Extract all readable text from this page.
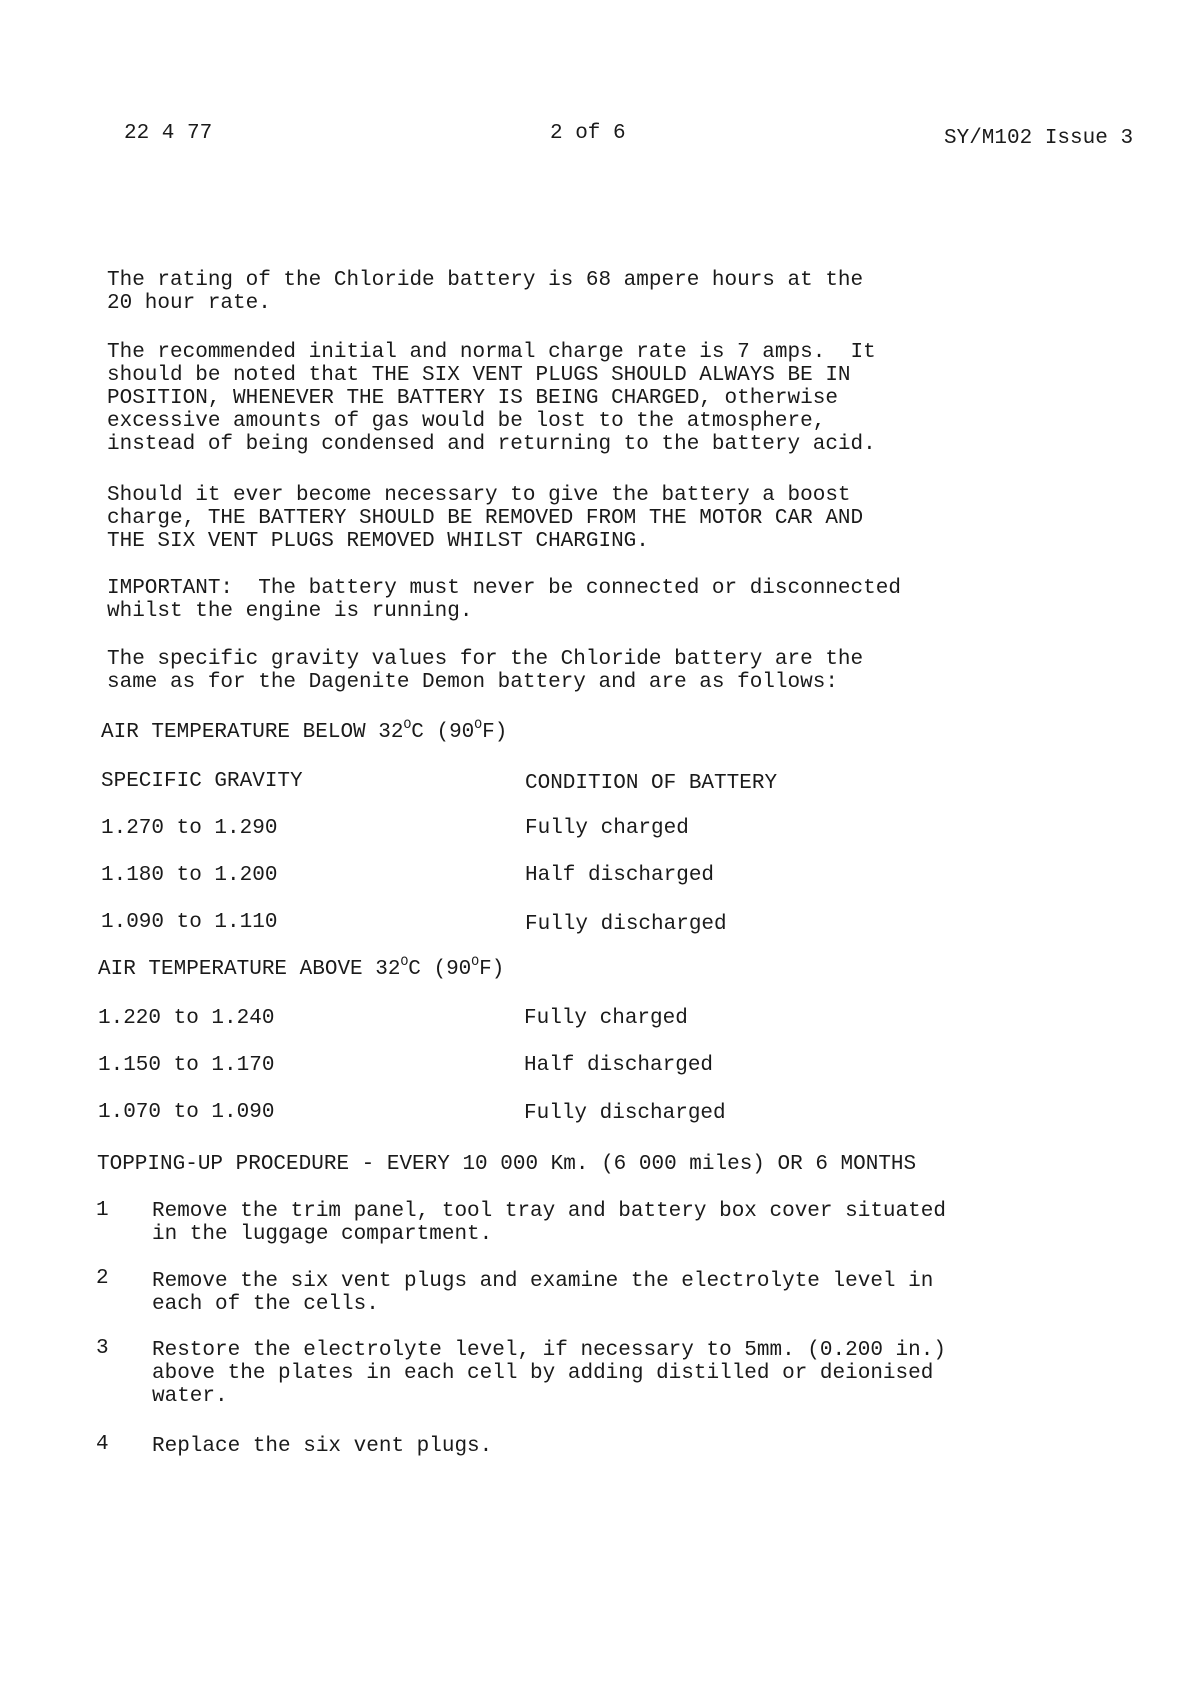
22 4 77	2 of 6	SY/M102 Issue 3
The rating of the Chloride battery is 68 ampere hours at the
20 hour rate.
The recommended initial and normal charge rate is 7 amps.  It
should be noted that THE SIX VENT PLUGS SHOULD ALWAYS BE IN
POSITION, WHENEVER THE BATTERY IS BEING CHARGED, otherwise
excessive amounts of gas would be lost to the atmosphere,
instead of being condensed and returning to the battery acid.
Should it ever become necessary to give the battery a boost
charge, THE BATTERY SHOULD BE REMOVED FROM THE MOTOR CAR AND
THE SIX VENT PLUGS REMOVED WHILST CHARGING.
IMPORTANT:  The battery must never be connected or disconnected
whilst the engine is running.
The specific gravity values for the Chloride battery are the
same as for the Dagenite Demon battery and are as follows:
AIR TEMPERATURE BELOW $32^OC$ $(90^OF)$
SPECIFIC GRAVITY	CONDITION OF BATTERY
1.270 to 1.290	Fully charged
1.180 to 1.200	Half discharged
1.090 to 1.110	Fully discharged
AIR TEMPERATURE ABOVE $32^OC$ $(90^OF)$
1.220 to 1.240	Fully charged
1.150 to 1.170	Half discharged
1.070 to 1.090	Fully discharged
TOPPING-UP PROCEDURE - EVERY 10 000 Km. (6 000 miles) OR 6 MONTHS
1 Remove the trim panel, tool tray and battery box cover situated
in the luggage compartment.
2 Remove the six vent plugs and examine the electrolyte level in
each of the cells.
3 Restore the electrolyte level, if necessary to 5mm. (0.200 in.)
above the plates in each cell by adding distilled or deionised
water.
4 Replace the six vent plugs.
